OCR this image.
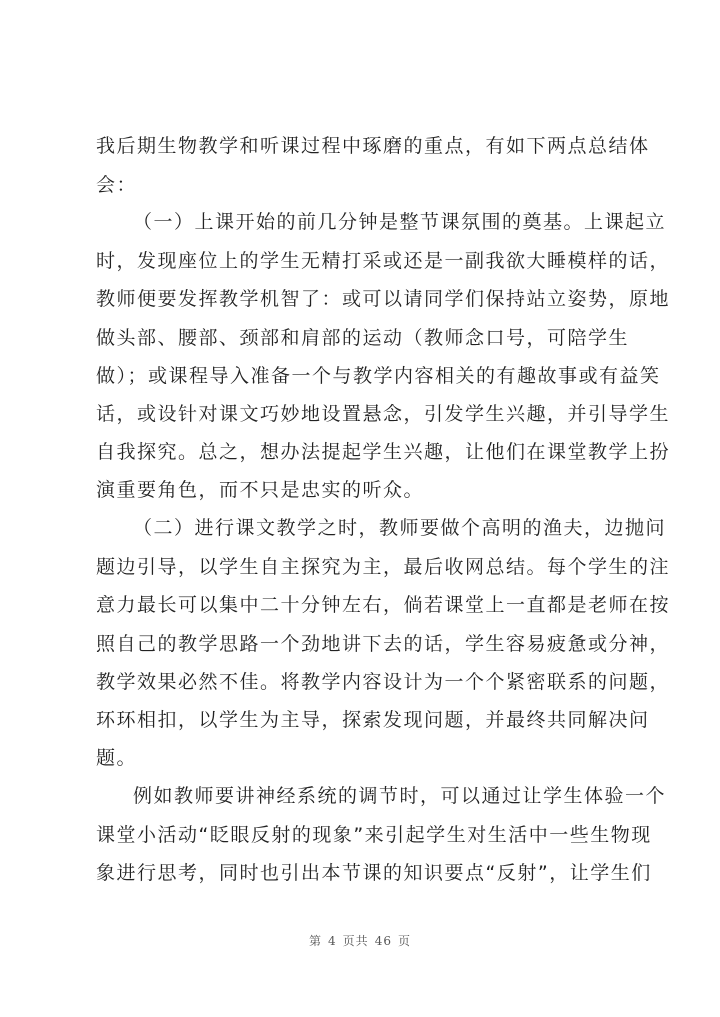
我后期生物教学和听课过程中琢磨的重点，有如下两点总结体
会：
（一）上课开始的前几分钟是整节课氛围的奠基。上课起立
时，发现座位上的学生无精打采或还是一副我欲大睡模样的话，
教师便要发挥教学机智了：或可以请同学们保持站立姿势，原地
做头部、腰部、颈部和肩部的运动（教师念口号，可陪学生
做）；或课程导入准备一个与教学内容相关的有趣故事或有益笑
话，或设针对课文巧妙地设置悬念，引发学生兴趣，并引导学生
自我探究。总之，想办法提起学生兴趣，让他们在课堂教学上扮
演重要角色，而不只是忠实的听众。
（二）进行课文教学之时，教师要做个高明的渔夫，边抛问
题边引导，以学生自主探究为主，最后收网总结。每个学生的注
意力最长可以集中二十分钟左右，倘若课堂上一直都是老师在按
照自己的教学思路一个劲地讲下去的话，学生容易疲惫或分神，
教学效果必然不佳。将教学内容设计为一个个紧密联系的问题，
环环相扣，以学生为主导，探索发现问题，并最终共同解决问
题。
例如教师要讲神经系统的调节时，可以通过让学生体验一个
课堂小活动“眨眼反射的现象”来引起学生对生活中一些生物现
象进行思考，同时也引出本节课的知识要点“反射”，让学生们
第 4 页共 46 页
